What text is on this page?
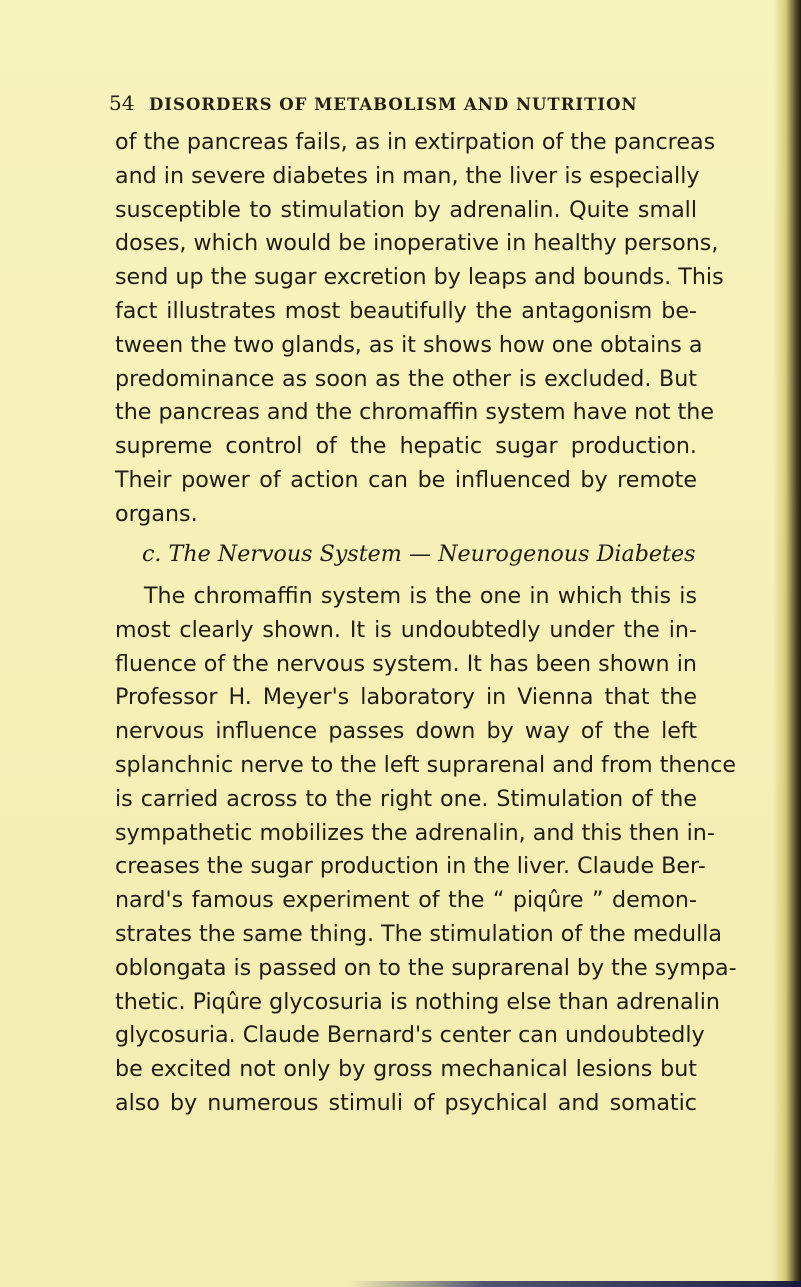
54 DISORDERS OF METABOLISM AND NUTRITION
of the pancreas fails, as in extirpation of the pancreas
and in severe diabetes in man, the liver is especially
susceptible to stimulation by adrenalin. Quite small
doses, which would be inoperative in healthy persons,
send up the sugar excretion by leaps and bounds. This
fact illustrates most beautifully the antagonism be-
tween the two glands, as it shows how one obtains a
predominance as soon as the other is excluded. But
the pancreas and the chromaffin system have not the
supreme control of the hepatic sugar production.
Their power of action can be influenced by remote
organs.
c. The Nervous System — Neurogenous Diabetes
The chromaffin system is the one in which this is
most clearly shown. It is undoubtedly under the in-
fluence of the nervous system. It has been shown in
Professor H. Meyer's laboratory in Vienna that the
nervous influence passes down by way of the left
splanchnic nerve to the left suprarenal and from thence
is carried across to the right one. Stimulation of the
sympathetic mobilizes the adrenalin, and this then in-
creases the sugar production in the liver. Claude Ber-
nard's famous experiment of the “ piqûre ” demon-
strates the same thing. The stimulation of the medulla
oblongata is passed on to the suprarenal by the sympa-
thetic. Piqûre glycosuria is nothing else than adrenalin
glycosuria. Claude Bernard's center can undoubtedly
be excited not only by gross mechanical lesions but
also by numerous stimuli of psychical and somatic
